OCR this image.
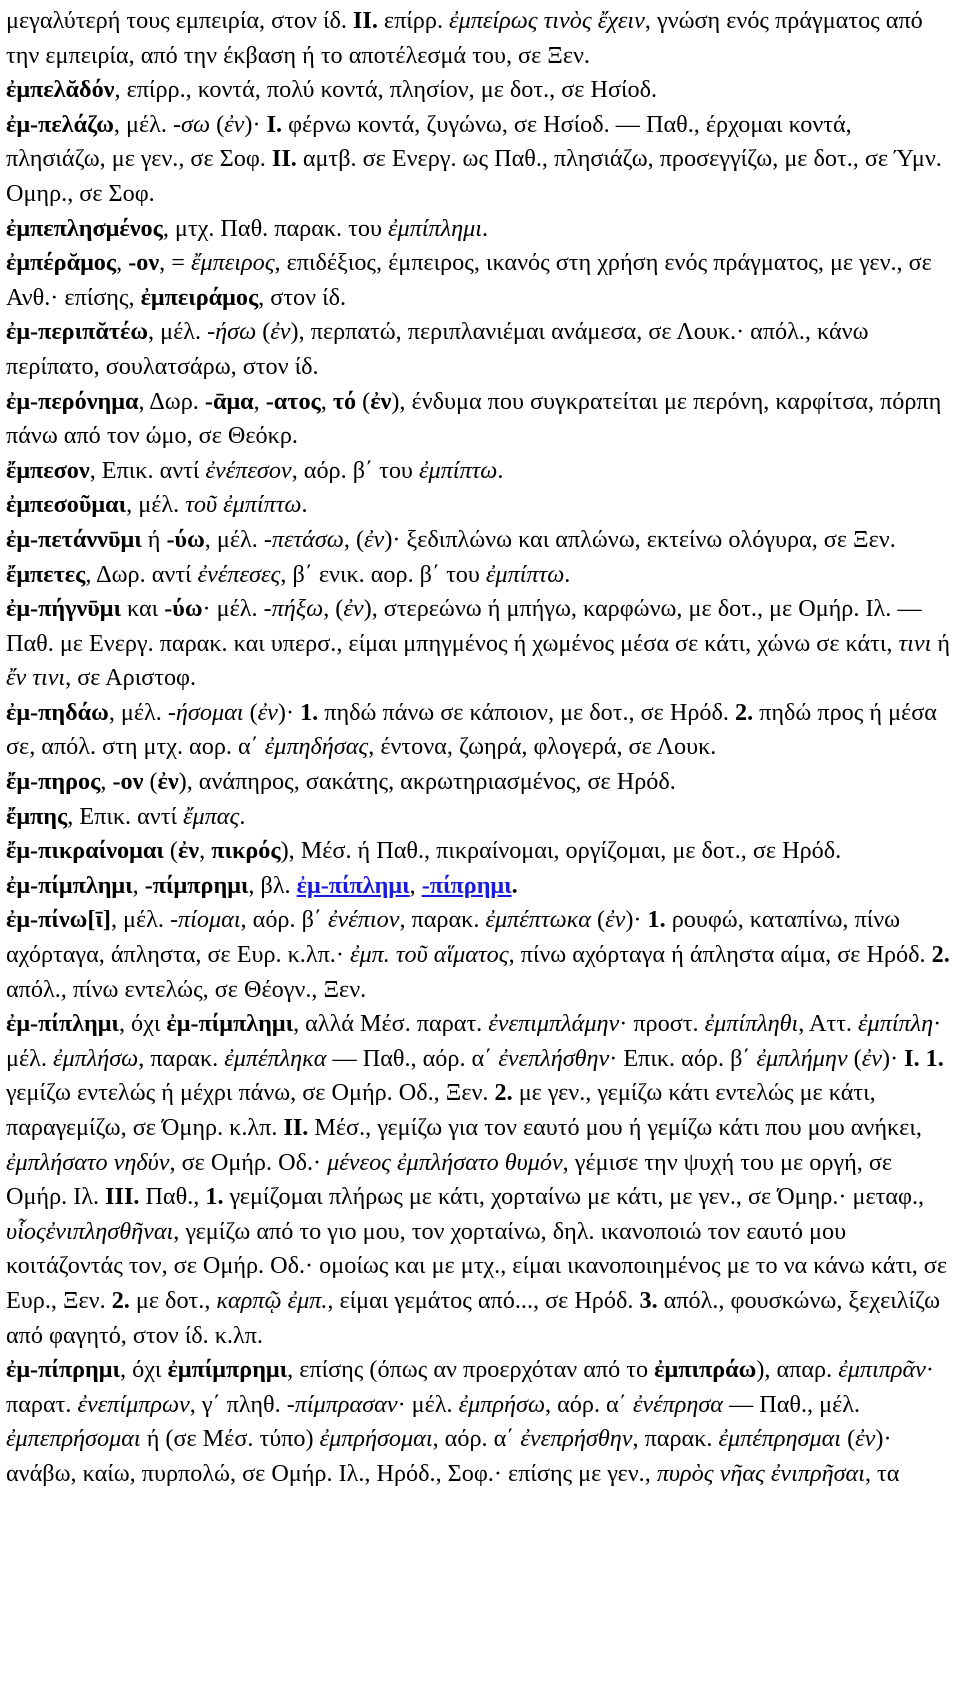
μεγαλύτερή τους εμπειρία, στον ίδ. II. επίρρ. ἐμπείρως τινὸς ἔχειν, γνώση ενός πράγματος από την εμπειρία, από την έκβαση ή το αποτέλεσμά του, σε Ξεν.

ἐμπελᾰδόν, επίρρ., κοντά, πολύ κοντά, πλησίον, με δοτ., σε Ησίοδ.

ἐμ-πελάζω, μέλ. -σω (ἐν)· I. φέρνω κοντά, ζυγώνω, σε Ησίοδ. — Παθ., έρχομαι κοντά, πλησιάζω, με γεν., σε Σοφ. II. αμτβ. σε Ενεργ. ως Παθ., πλησιάζω, προσεγγίζω, με δοτ., σε Ύμν. Ομηρ., σε Σοφ.

ἐμπεπλησμένος, μτχ. Παθ. παρακ. του ἐμπίπλημι.

ἐμπέρᾰμος, -ον, = ἔμπειρος, επιδέξιος, έμπειρος, ικανός στη χρήση ενός πράγματος, με γεν., σε Ανθ.· επίσης, ἐμπειράμος, στον ίδ.

ἐμ-περιπᾰτέω, μέλ. -ήσω (ἐν), περπατώ, περιπλανιέμαι ανάμεσα, σε Λουκ.· απόλ., κάνω περίπατο, σουλατσάρω, στον ίδ.

ἐμ-περόνημα, Δωρ. -ᾱμα, -ατος, τό (ἐν), ένδυμα που συγκρατείται με περόνη, καρφίτσα, πόρπη πάνω από τον ώμο, σε Θεόκρ.

ἔμπεσον, Επικ. αντί ἐνέπεσον, αόρ. β΄ του ἐμπίπτω.

ἐμπεσοῦμαι, μέλ. τοῦ ἐμπίπτω.

ἐμ-πετάννῡμι ή -ύω, μέλ. -πετάσω, (ἐν)· ξεδιπλώνω και απλώνω, εκτείνω ολόγυρα, σε Ξεν.

ἔμπετες, Δωρ. αντί ἐνέπεσες, β΄ ενικ. αορ. β΄ του ἐμπίπτω.

ἐμ-πήγνῡμι και -ύω· μέλ. -πήξω, (ἐν), στερεώνω ή μπήγω, καρφώνω, με δοτ., με Ομήρ. Ιλ. — Παθ. με Ενεργ. παρακ. και υπερσ., είμαι μπηγμένος ή χωμένος μέσα σε κάτι, χώνω σε κάτι, τινι ή ἔν τινι, σε Αριστοφ.

ἐμ-πηδάω, μέλ. -ήσομαι (ἐν)· 1. πηδώ πάνω σε κάποιον, με δοτ., σε Ηρόδ. 2. πηδώ προς ή μέσα σε, απόλ. στη μτχ. αορ. α΄ ἐμπηδήσας, έντονα, ζωηρά, φλογερά, σε Λουκ.

ἔμ-πηρος, -ον (ἐν), ανάπηρος, σακάτης, ακρωτηριασμένος, σε Ηρόδ.

ἔμπης, Επικ. αντί ἔμπας.

ἔμ-πικραίνομαι (ἐν, πικρός), Μέσ. ή Παθ., πικραίνομαι, οργίζομαι, με δοτ., σε Ηρόδ.

ἐμ-πίμπλημι, -πίμπρημι, βλ. ἐμ-πίπλημι, -πίπρημι.

ἐμ-πίνω[ῑ], μέλ. -πίομαι, αόρ. β΄ ἐνέπιον, παρακ. ἐμπέπτωκα (ἐν)· 1. ρουφώ, καταπίνω, πίνω αχόρταγα, άπληστα, σε Ευρ. κ.λπ.· ἐμπ. τοῦ αἵματος, πίνω αχόρταγα ή άπληστα αίμα, σε Ηρόδ. 2. απόλ., πίνω εντελώς, σε Θέογν., Ξεν.

ἐμ-πίπλημι, όχι ἐμ-πίμπλημι, αλλά Μέσ. παρατ. ἐνεπιμπλάμην· προστ. ἐμπίπληθι, Αττ. ἐμπίπλη· μέλ. ἐμπλήσω, παρακ. ἐμπέπληκα — Παθ., αόρ. α΄ ἐνεπλήσθην· Επικ. αόρ. β΄ ἐμπλήμην (ἐν)· I. 1. γεμίζω εντελώς ή μέχρι πάνω, σε Ομήρ. Οδ., Ξεν. 2. με γεν., γεμίζω κάτι εντελώς με κάτι, παραγεμίζω, σε Όμηρ. κ.λπ. II. Μέσ., γεμίζω για τον εαυτό μου ή γεμίζω κάτι που μου ανήκει, ἐμπλήσατο νηδύν, σε Ομήρ. Οδ.· μένεος ἐμπλήσατο θυμόν, γέμισε την ψυχή του με οργή, σε Ομήρ. Ιλ. III. Παθ., 1. γεμίζομαι πλήρως με κάτι, χορταίνω με κάτι, με γεν., σε Όμηρ.· μεταφ., υἷοςἐνιπλησθῆναι, γεμίζω από το γιο μου, τον χορταίνω, δηλ. ικανοποιώ τον εαυτό μου κοιτάζοντάς τον, σε Ομήρ. Οδ.· ομοίως και με μτχ., είμαι ικανοποιημένος με το να κάνω κάτι, σε Ευρ., Ξεν. 2. με δοτ., καρπῷ ἐμπ., είμαι γεμάτος από..., σε Ηρόδ. 3. απόλ., φουσκώνω, ξεχειλίζω από φαγητό, στον ίδ. κ.λπ.

ἐμ-πίπρημι, όχι ἐμπίμπρημι, επίσης (όπως αν προερχόταν από το ἐμπιπράω), απαρ. ἐμπιπρᾶν· παρατ. ἐνεπίμπρων, γ΄ πληθ. -πίμπρασαν· μέλ. ἐμπρήσω, αόρ. α΄ ἐνέπρησα — Παθ., μέλ. ἐμπεπρήσομαι ή (σε Μέσ. τύπο) ἐμπρήσομαι, αόρ. α΄ ἐνεπρήσθην, παρακ. ἐμπέπρησμαι (ἐν)· ανάβω, καίω, πυρπολώ, σε Ομήρ. Ιλ., Ηρόδ., Σοφ.· επίσης με γεν., πυρὸς νῆας ἐνιπρῆσαι, τα
